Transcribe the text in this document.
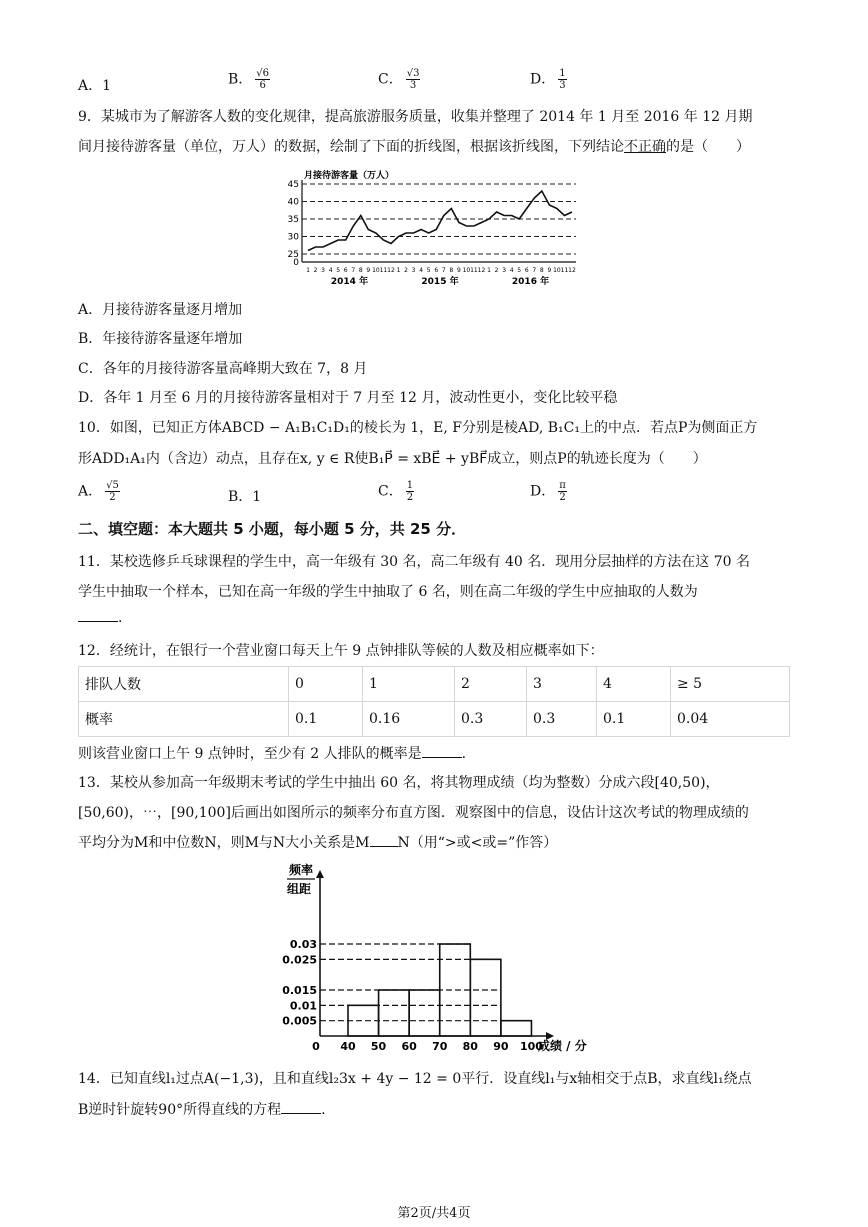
A．1	B． $\frac{√6}{6}$	C． $\frac{√3}{3}$	D． $\frac{1}{3}$
9．某城市为了解游客人数的变化规律，提高旅游服务质量，收集并整理了 2014 年 1 月至 2016 年 12 月期
间月接待游客量（单位，万人）的数据，绘制了下面的折线图，根据该折线图，下列结论不正确的是（　　）
月接待游客量（万人）
0
25
30
35
40
45
1 2 3 4 5 6 7 8 9 10 11 12 1 2 3 4 5 6 7 8 9 10 11 12 1 2 3 4 5 6 7 8 9 10 11 12
2014 年	2015 年	2016 年
A．月接待游客量逐月增加
B．年接待游客量逐年增加
C．各年的月接待游客量高峰期大致在 7，8 月
D．各年 1 月至 6 月的月接待游客量相对于 7 月至 12 月，波动性更小，变化比较平稳
10．如图，已知正方体ABCD − A₁B₁C₁D₁的棱长为 1，E, F分别是棱AD, B₁C₁上的中点．若点P为侧面正方
形ADD₁A₁内（含边）动点，且存在x, y ∈ R使B₁P⃗ = xBE⃗ + yBF⃗成立，则点P的轨迹长度为（　　）
A． $\frac{√5}{2}$	B．1	C． $\frac{1}{2}$	D． $\frac{\pi}{2}$
二、填空题：本大题共 5 小题，每小题 5 分，共 25 分．
11．某校选修乒乓球课程的学生中，高一年级有 30 名，高二年级有 40 名．现用分层抽样的方法在这 70 名
学生中抽取一个样本，已知在高一年级的学生中抽取了 6 名，则在高二年级的学生中应抽取的人数为
.
12．经统计，在银行一个营业窗口每天上午 9 点钟排队等候的人数及相应概率如下：
排队人数	0	1	2	3	4	≥ 5
概率	0.1	0.16	0.3	0.3	0.1	0.04
则该营业窗口上午 9 点钟时，至少有 2 人排队的概率是	.
13．某校从参加高一年级期末考试的学生中抽出 60 名，将其物理成绩（均为整数）分成六段[40,50)，
[50,60)，⋯，[90,100]后画出如图所示的频率分布直方图．观察图中的信息，设估计这次考试的物理成绩的
平均分为M和中位数N，则M与N大小关系是M N（用“>或<或=”作答）
0.005
0.01
0.015
0.025
0.03
0 40 50 60 70 80 90 100
频率
组距
成绩 / 分
14．已知直线l₁过点A(−1,3)，且和直线l₂3x + 4y − 12 = 0平行．设直线l₁与x轴相交于点B，求直线l₁绕点
B逆时针旋转90°所得直线的方程	.
第2页/共4页
